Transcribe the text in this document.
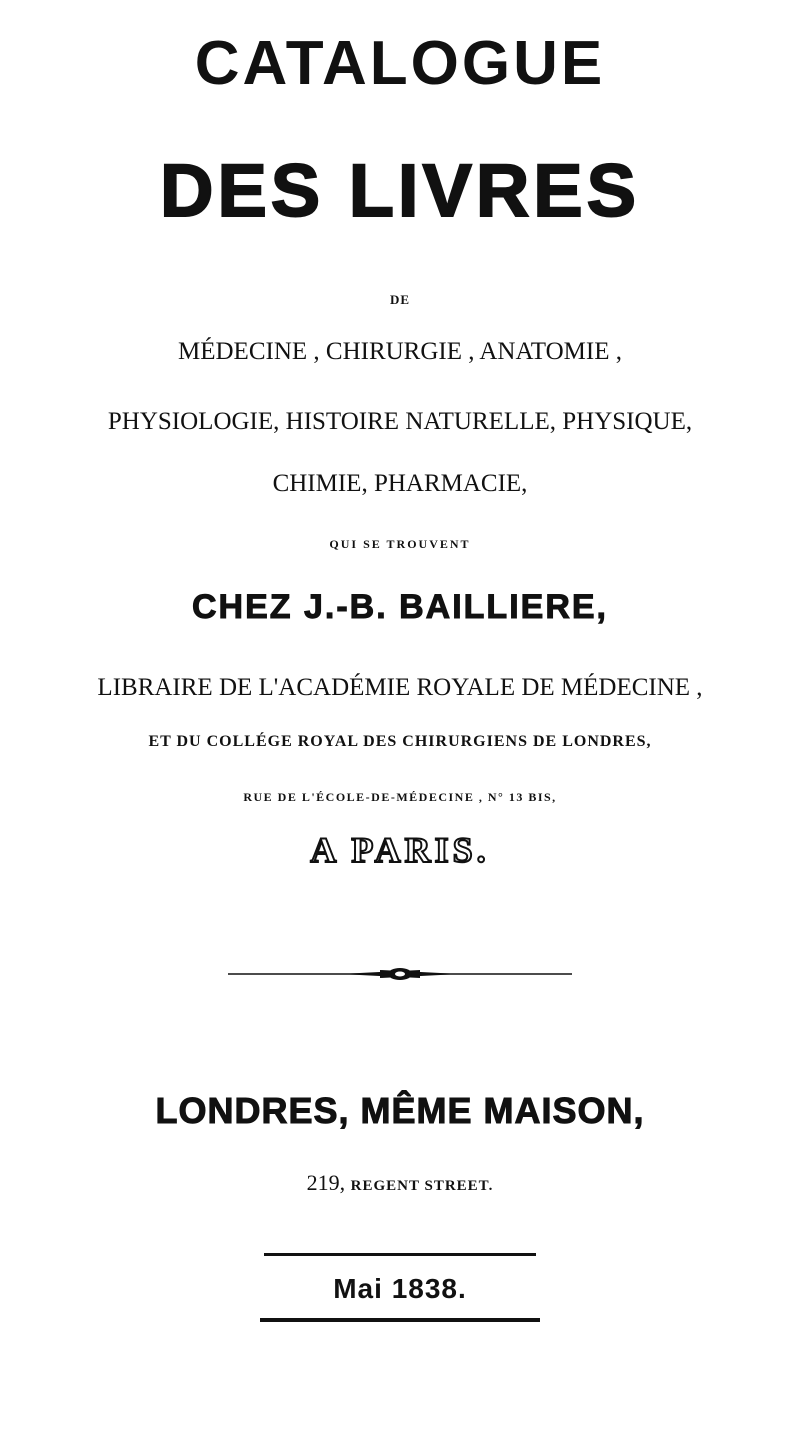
CATALOGUE
DES LIVRES
DE
MÉDECINE , CHIRURGIE , ANATOMIE ,
PHYSIOLOGIE, HISTOIRE NATURELLE, PHYSIQUE,
CHIMIE, PHARMACIE,
QUI SE TROUVENT
CHEZ J.-B. BAILLIERE,
LIBRAIRE DE L'ACADÉMIE ROYALE DE MÉDECINE ,
ET DU COLLÉGE ROYAL DES CHIRURGIENS DE LONDRES,
RUE DE L'ÉCOLE-DE-MÉDECINE , N° 13 BIS,
A PARIS.
LONDRES, MÊME MAISON,
219, REGENT STREET.
Mai 1838.
